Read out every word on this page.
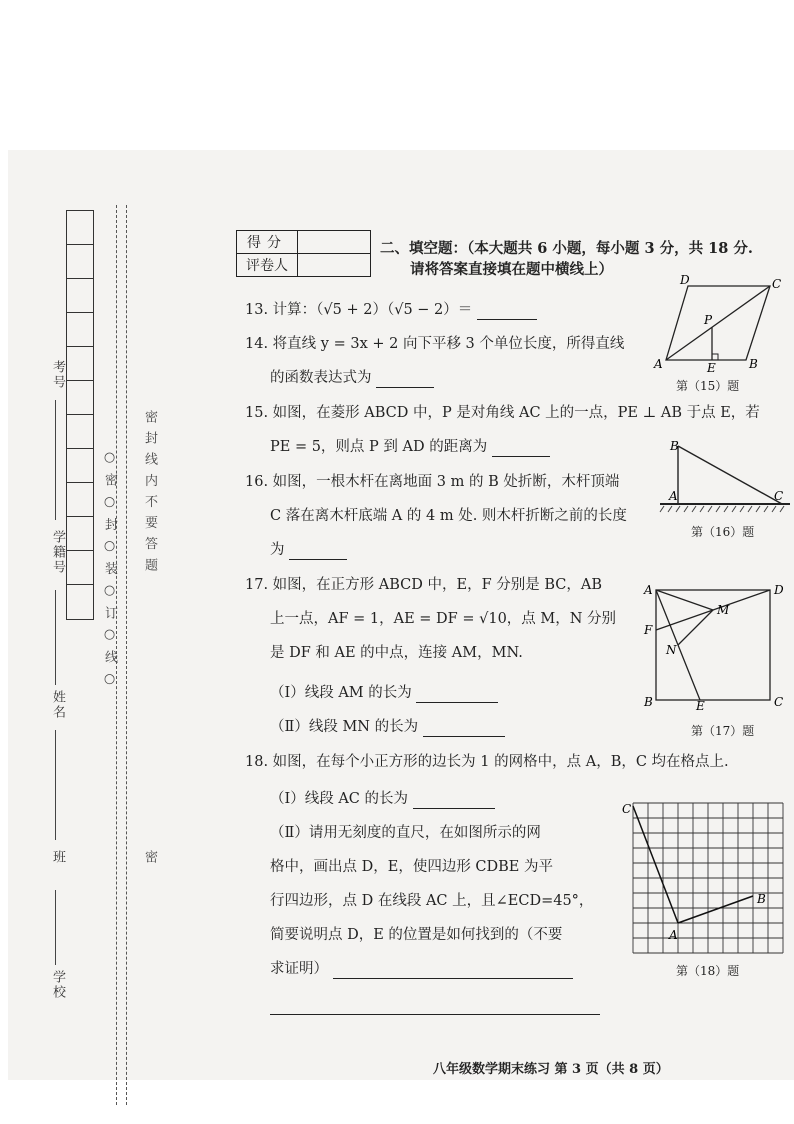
学校
班
姓名
学籍号
考号
○ 密 ○ 封 ○ 装 ○ 订 ○ 线 ○ 密 封 线 内 不 要 答 题
密
得分	
评卷人	
二、填空题：（本大题共 6 小题，每小题 3 分，共 18 分.
请将答案直接填在题中横线上）
13. 计算：（√5 + 2）（√5 − 2）＝
14. 将直线 y = 3x + 2 向下平移 3 个单位长度，所得直线
的函数表达式为
15. 如图，在菱形 ABCD 中，P 是对角线 AC 上的一点，PE ⊥ AB 于点 E，若
PE = 5，则点 P 到 AD 的距离为
16. 如图，一根木杆在离地面 3 m 的 B 处折断，木杆顶端
C 落在离木杆底端 A 的 4 m 处. 则木杆折断之前的长度
为
17. 如图，在正方形 ABCD 中，E，F 分别是 BC，AB
上一点，AF = 1，AE = DF = √10，点 M，N 分别
是 DF 和 AE 的中点，连接 AM，MN.
（Ⅰ）线段 AM 的长为
（Ⅱ）线段 MN 的长为
18. 如图，在每个小正方形的边长为 1 的网格中，点 A，B，C 均在格点上.
（Ⅰ）线段 AC 的长为
（Ⅱ）请用无刻度的直尺，在如图所示的网
格中，画出点 D，E，使四边形 CDBE 为平
行四边形，点 D 在线段 AC 上，且∠ECD=45°，
简要说明点 D，E 的位置是如何找到的（不要
求证明）
A	B
C
D
P
E
第（15）题
A
B
C
第（16）题
A
B	C
D
E
F
M
N
第（17）题
C
B
A
第（18）题
八年级数学期末练习 第 3 页（共 8 页）
